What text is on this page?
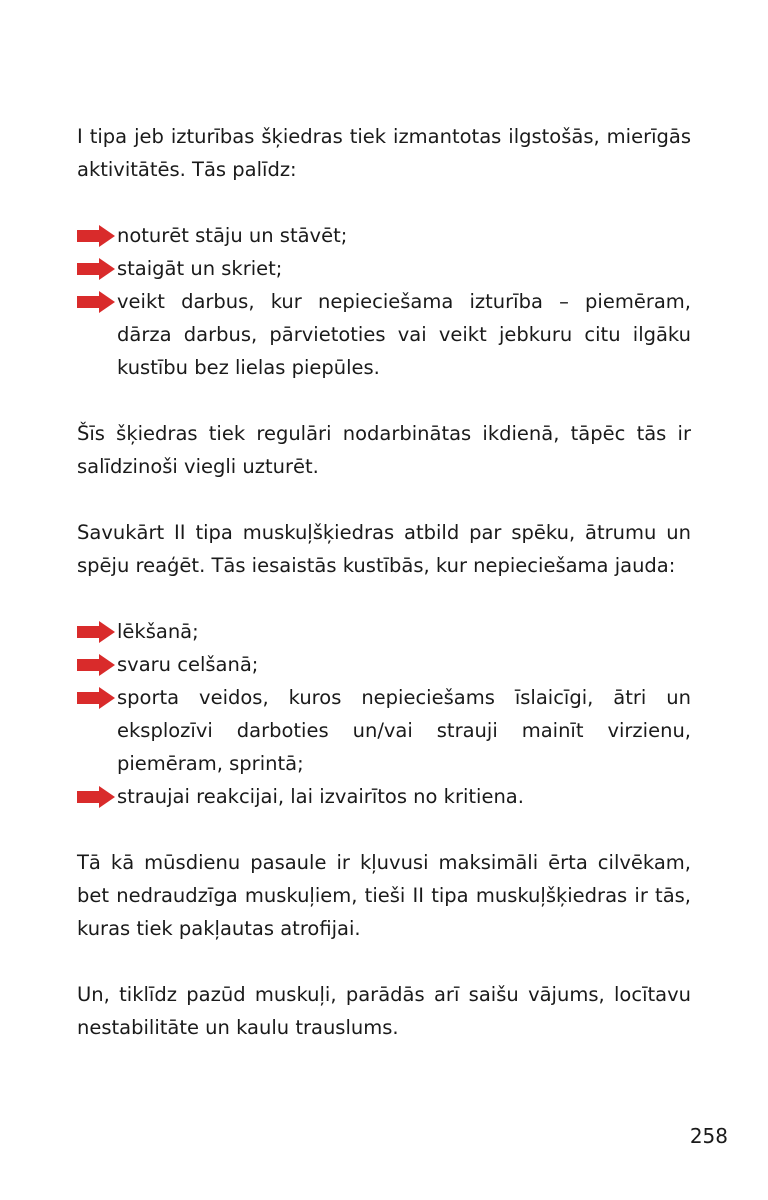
I tipa jeb izturības šķiedras tiek izmantotas ilgstošās, mierīgās aktivitātēs. Tās palīdz:

noturēt stāju un stāvēt;
staigāt un skriet;
veikt darbus, kur nepieciešama izturība – piemēram, dārza darbus, pārvietoties vai veikt jebkuru citu ilgāku kustību bez lielas piepūles.

Šīs šķiedras tiek regulāri nodarbinātas ikdienā, tāpēc tās ir salīdzinoši viegli uzturēt.

Savukārt II tipa muskuļšķiedras atbild par spēku, ātrumu un spēju reaģēt. Tās iesaistās kustībās, kur nepieciešama jauda:

lēkšanā;
svaru celšanā;
sporta veidos, kuros nepieciešams īslaicīgi, ātri un eksplozīvi darboties un/vai strauji mainīt virzienu, piemēram, sprintā;
straujai reakcijai, lai izvairītos no kritiena.

Tā kā mūsdienu pasaule ir kļuvusi maksimāli ērta cilvēkam, bet nedraudzīga muskuļiem, tieši II tipa muskuļšķiedras ir tās, kuras tiek pakļautas atrofijai.

Un, tiklīdz pazūd muskuļi, parādās arī saišu vājums, locītavu nestabilitāte un kaulu trauslums.

258
